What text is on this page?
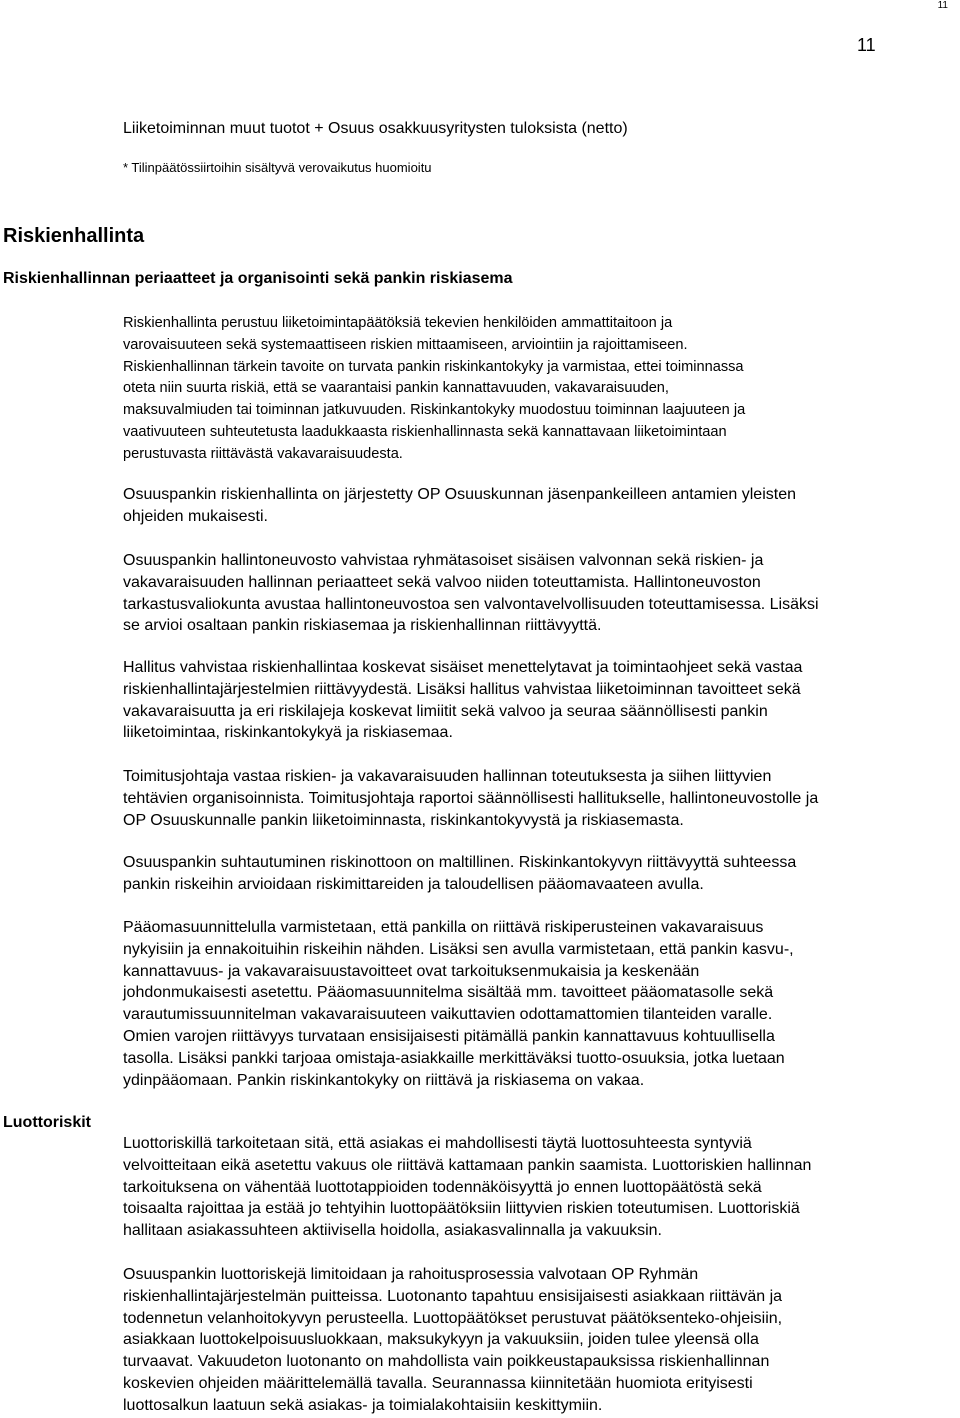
11
11
Liiketoiminnan muut tuotot + Osuus osakkuusyritysten tuloksista (netto)
* Tilinpäätössiirtoihin sisältyvä verovaikutus huomioitu
Riskienhallinta
Riskienhallinnan periaatteet ja organisointi sekä pankin riskiasema
Riskienhallinta perustuu liiketoimintapäätöksiä tekevien henkilöiden ammattitaitoon ja
varovaisuuteen sekä systemaattiseen riskien mittaamiseen, arviointiin ja rajoittamiseen.
Riskienhallinnan tärkein tavoite on turvata pankin riskinkantokyky ja varmistaa, ettei toiminnassa
oteta niin suurta riskiä, että se vaarantaisi pankin kannattavuuden, vakavaraisuuden,
maksuvalmiuden tai toiminnan jatkuvuuden. Riskinkantokyky muodostuu toiminnan laajuuteen ja
vaativuuteen suhteutetusta laadukkaasta riskienhallinnasta sekä kannattavaan liiketoimintaan
perustuvasta riittävästä vakavaraisuudesta.
Osuuspankin riskienhallinta on järjestetty OP Osuuskunnan jäsenpankeilleen antamien yleisten
ohjeiden mukaisesti.
Osuuspankin hallintoneuvosto vahvistaa ryhmätasoiset sisäisen valvonnan sekä riskien- ja
vakavaraisuuden hallinnan periaatteet sekä valvoo niiden toteuttamista. Hallintoneuvoston
tarkastusvaliokunta avustaa hallintoneuvostoa sen valvontavelvollisuuden toteuttamisessa. Lisäksi
se arvioi osaltaan pankin riskiasemaa ja riskienhallinnan riittävyyttä.
Hallitus vahvistaa riskienhallintaa koskevat sisäiset menettelytavat ja toimintaohjeet sekä vastaa
riskienhallintajärjestelmien riittävyydestä. Lisäksi hallitus vahvistaa liiketoiminnan tavoitteet sekä
vakavaraisuutta ja eri riskilajeja koskevat limiitit sekä valvoo ja seuraa säännöllisesti pankin
liiketoimintaa, riskinkantokykyä ja riskiasemaa.
Toimitusjohtaja vastaa riskien- ja vakavaraisuuden hallinnan toteutuksesta ja siihen liittyvien
tehtävien organisoinnista. Toimitusjohtaja raportoi säännöllisesti hallitukselle, hallintoneuvostolle ja
OP Osuuskunnalle pankin liiketoiminnasta, riskinkantokyvystä ja riskiasemasta.
Osuuspankin suhtautuminen riskinottoon on maltillinen. Riskinkantokyvyn riittävyyttä suhteessa
pankin riskeihin arvioidaan riskimittareiden ja taloudellisen pääomavaateen avulla.
Pääomasuunnittelulla varmistetaan, että pankilla on riittävä riskiperusteinen vakavaraisuus
nykyisiin ja ennakoituihin riskeihin nähden. Lisäksi sen avulla varmistetaan, että pankin kasvu-,
kannattavuus- ja vakavaraisuustavoitteet ovat tarkoituksenmukaisia ja keskenään
johdonmukaisesti asetettu. Pääomasuunnitelma sisältää mm. tavoitteet pääomatasolle sekä
varautumissuunnitelman vakavaraisuuteen vaikuttavien odottamattomien tilanteiden varalle.
Omien varojen riittävyys turvataan ensisijaisesti pitämällä pankin kannattavuus kohtuullisella
tasolla. Lisäksi pankki tarjoaa omistaja-asiakkaille merkittäväksi tuotto-osuuksia, jotka luetaan
ydinpääomaan. Pankin riskinkantokyky on riittävä ja riskiasema on vakaa.
Luottoriskit
Luottoriskillä tarkoitetaan sitä, että asiakas ei mahdollisesti täytä luottosuhteesta syntyviä
velvoitteitaan eikä asetettu vakuus ole riittävä kattamaan pankin saamista. Luottoriskien hallinnan
tarkoituksena on vähentää luottotappioiden todennäköisyyttä jo ennen luottopäätöstä sekä
toisaalta rajoittaa ja estää jo tehtyihin luottopäätöksiin liittyvien riskien toteutumisen. Luottoriskiä
hallitaan asiakassuhteen aktiivisella hoidolla, asiakasvalinnalla ja vakuuksin.
Osuuspankin luottoriskejä limitoidaan ja rahoitusprosessia valvotaan OP Ryhmän
riskienhallintajärjestelmän puitteissa. Luotonanto tapahtuu ensisijaisesti asiakkaan riittävän ja
todennetun velanhoitokyvyn perusteella. Luottopäätökset perustuvat päätöksenteko-ohjeisiin,
asiakkaan luottokelpoisuusluokkaan, maksukykyyn ja vakuuksiin, joiden tulee yleensä olla
turvaavat. Vakuudeton luotonanto on mahdollista vain poikkeustapauksissa riskienhallinnan
koskevien ohjeiden määrittelemällä tavalla. Seurannassa kiinnitetään huomiota erityisesti
luottosalkun laatuun sekä asiakas- ja toimialakohtaisiin keskittymiin.
